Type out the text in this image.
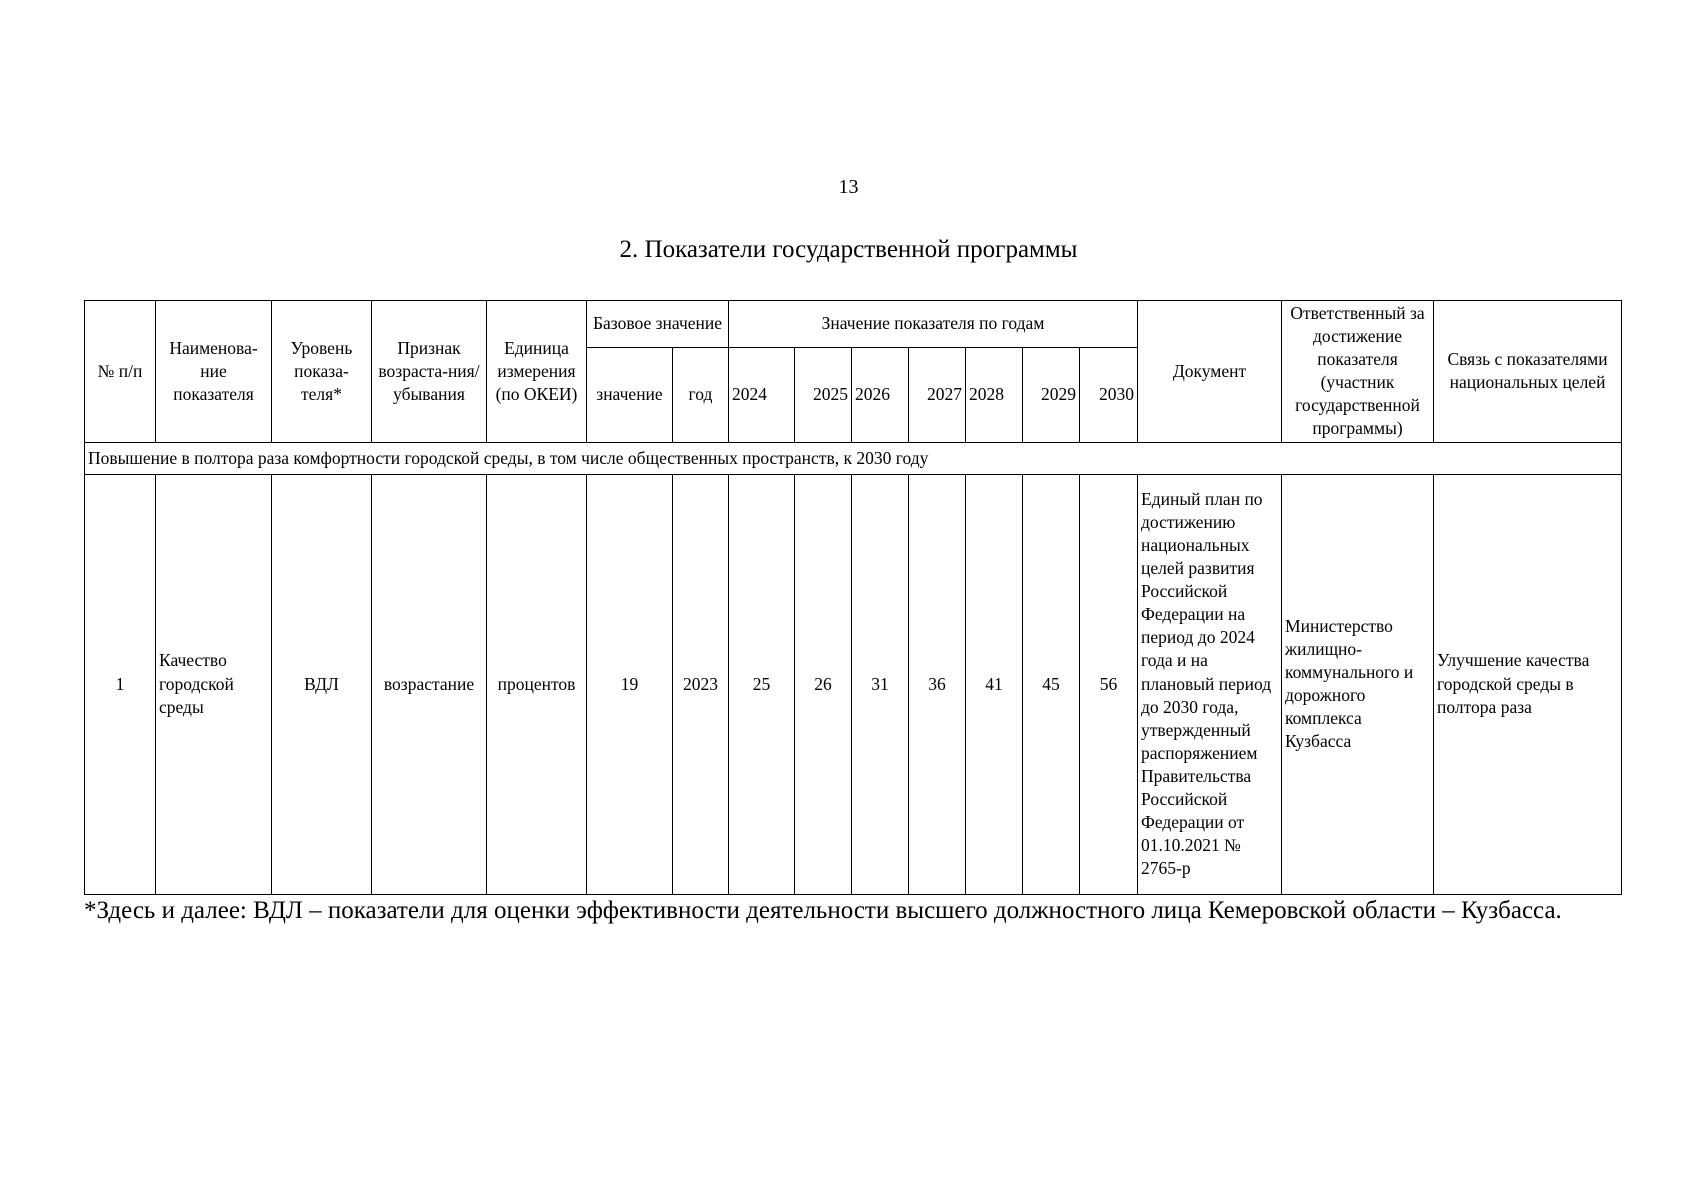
13
2. Показатели государственной программы
№ п/п	Наименова-ние показателя	Уровень показа-теля*	Признак возраста-ния/ убывания	Единица измерения (по ОКЕИ)	Базовое значение		Значение показателя по годам							Документ	Ответственный за достижение показателя (участник государственной программы)	Связь с показателями национальных целей
					значение	год	2024	2025	2026	2027	2028	2029	2030			
Повышение в полтора раза комфортности городской среды, в том числе общественных пространств, к 2030 году																
1	Качество городской среды	ВДЛ	возрастание	процентов	19	2023	25	26	31	36	41	45	56	Единый план по достижению национальных целей развития Российской Федерации на период до 2024 года и на плановый период до 2030 года, утвержденный распоряжением Правительства Российской Федерации от 01.10.2021 № 2765-р	Министерство жилищно-коммунального и дорожного комплекса Кузбасса	Улучшение качества городской среды в полтора раза
*Здесь и далее: ВДЛ – показатели для оценки эффективности деятельности высшего должностного лица Кемеровской области – Кузбасса.
